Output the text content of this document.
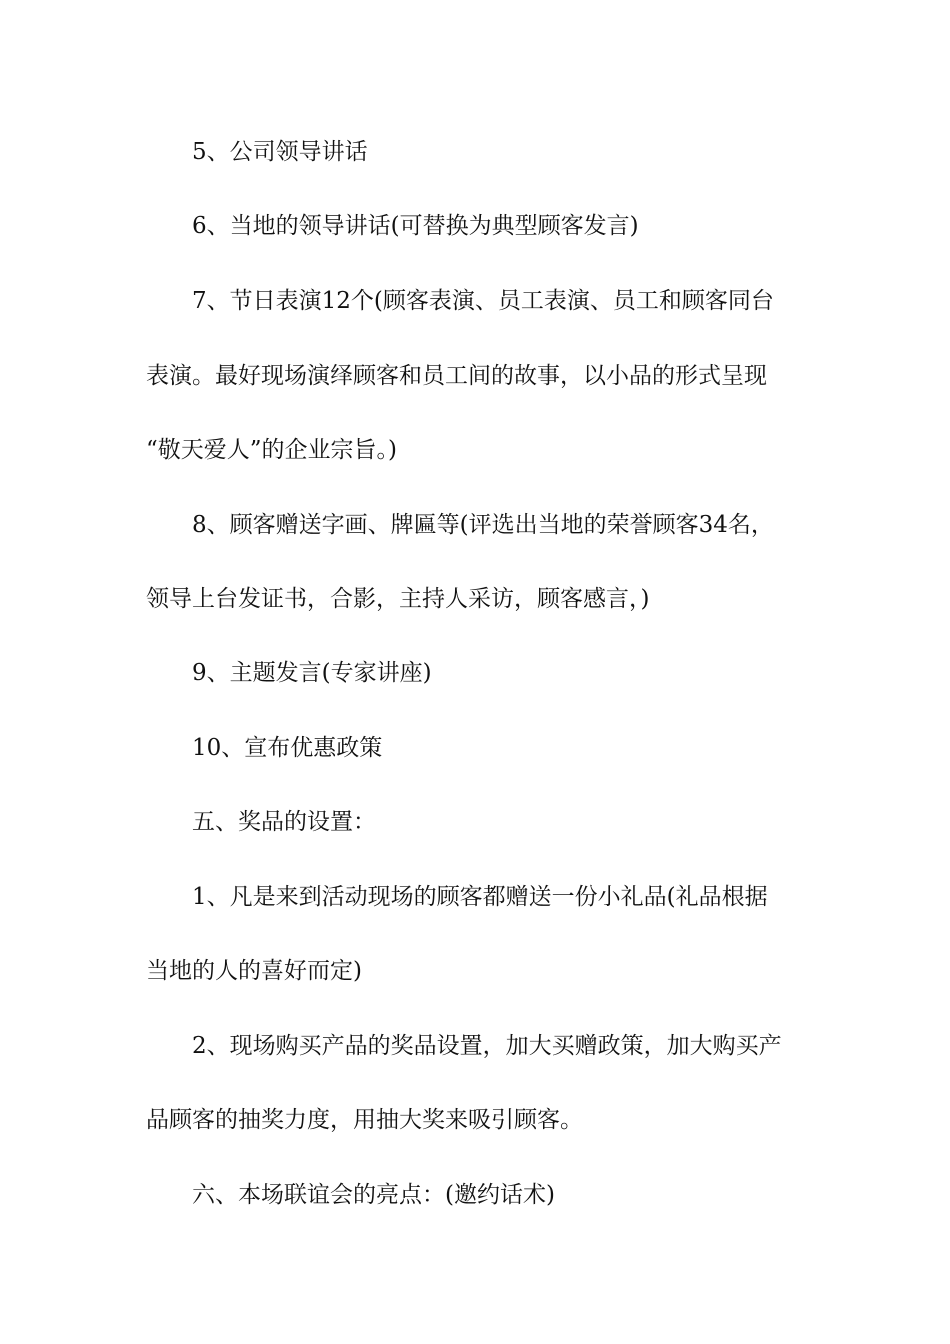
5、公司领导讲话

6、当地的领导讲话(可替换为典型顾客发言)

7、节日表演12个(顾客表演、员工表演、员工和顾客同台

表演。最好现场演绎顾客和员工间的故事，以小品的形式呈现

“敬天爱人”的企业宗旨。)

8、顾客赠送字画、牌匾等(评选出当地的荣誉顾客34名，

领导上台发证书，合影，主持人采访，顾客感言，)

9、主题发言(专家讲座)

10、宣布优惠政策

五、奖品的设置：

1、凡是来到活动现场的顾客都赠送一份小礼品(礼品根据

当地的人的喜好而定)

2、现场购买产品的奖品设置，加大买赠政策，加大购买产

品顾客的抽奖力度，用抽大奖来吸引顾客。

六、本场联谊会的亮点：(邀约话术)
